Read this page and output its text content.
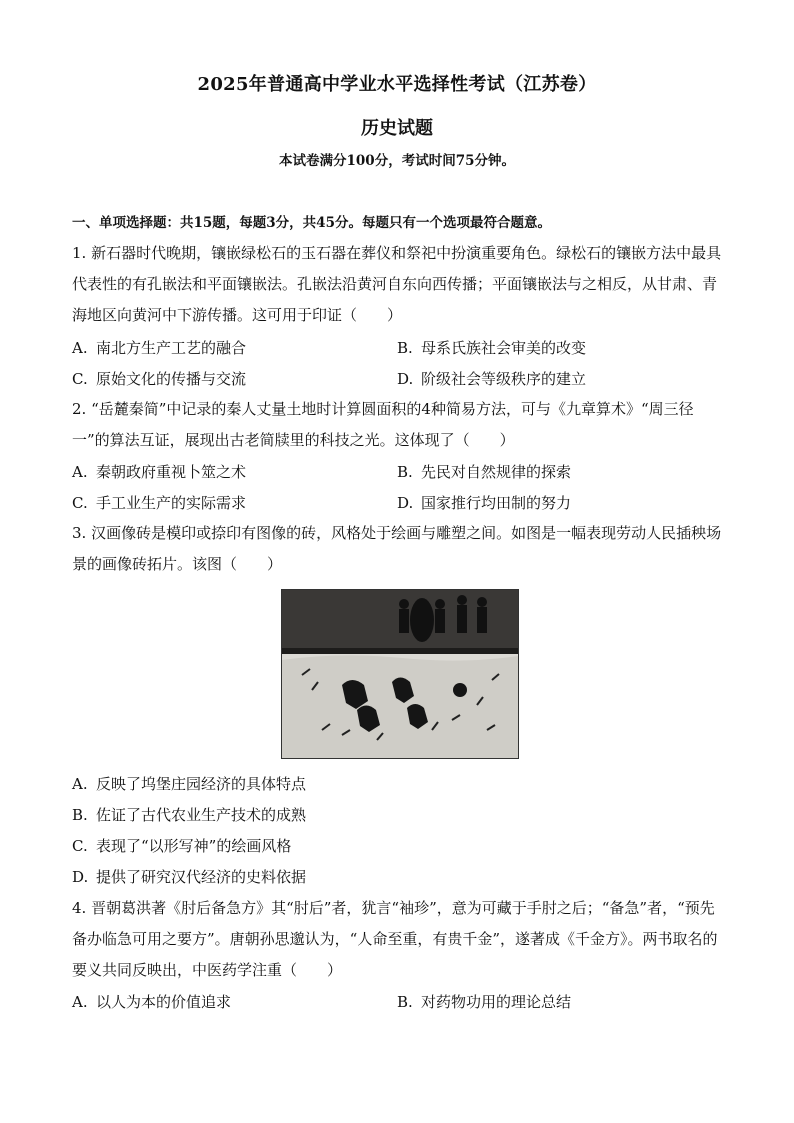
2025年普通高中学业水平选择性考试（江苏卷）
历史试题
本试卷满分100分，考试时间75分钟。
一、单项选择题：共15题，每题3分，共45分。每题只有一个选项最符合题意。
1. 新石器时代晚期，镶嵌绿松石的玉石器在葬仪和祭祀中扮演重要角色。绿松石的镶嵌方法中最具代表性的有孔嵌法和平面镶嵌法。孔嵌法沿黄河自东向西传播；平面镶嵌法与之相反，从甘肃、青海地区向黄河中下游传播。这可用于印证（　　）
A. 南北方生产工艺的融合	B. 母系氏族社会审美的改变
C. 原始文化的传播与交流	D. 阶级社会等级秩序的建立
2. “岳麓秦简”中记录的秦人丈量土地时计算圆面积的4种简易方法，可与《九章算术》“周三径一”的算法互证，展现出古老简牍里的科技之光。这体现了（　　）
A. 秦朝政府重视卜筮之术	B. 先民对自然规律的探索
C. 手工业生产的实际需求	D. 国家推行均田制的努力
3. 汉画像砖是模印或捺印有图像的砖，风格处于绘画与雕塑之间。如图是一幅表现劳动人民插秧场景的画像砖拓片。该图（　　）
A. 反映了坞堡庄园经济的具体特点
B. 佐证了古代农业生产技术的成熟
C. 表现了“以形写神”的绘画风格
D. 提供了研究汉代经济的史料依据
4. 晋朝葛洪著《肘后备急方》其“肘后”者，犹言“袖珍”，意为可藏于手肘之后；“备急”者，“预先备办临急可用之要方”。唐朝孙思邈认为，“人命至重，有贵千金”，遂著成《千金方》。两书取名的要义共同反映出，中医药学注重（　　）
A. 以人为本的价值追求	B. 对药物功用的理论总结
